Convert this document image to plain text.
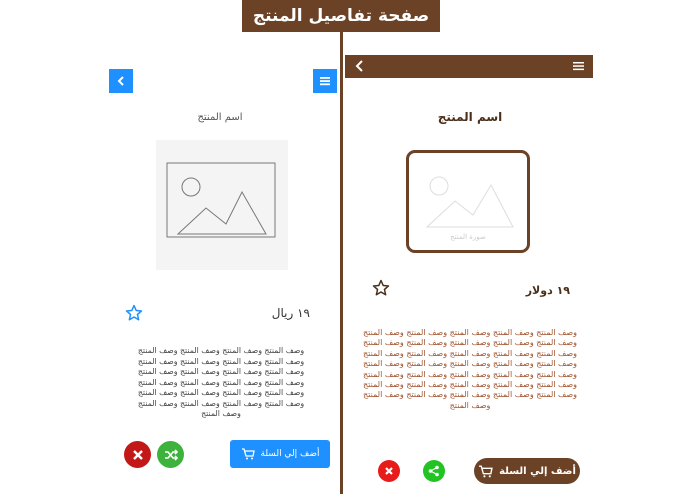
صفحة تفاصيل المنتج
اسم المنتج
١٩ ريال
وصف المنتج وصف المنتج وصف المنتج وصف المنتج وصف المنتج وصف المنتج وصف المنتج وصف المنتج وصف المنتج وصف المنتج وصف المنتج وصف المنتج وصف المنتج وصف المنتج وصف المنتج وصف المنتج وصف المنتج وصف المنتج وصف المنتج وصف المنتج وصف المنتج وصف المنتج وصف المنتج وصف المنتج وصف المنتج
أضف إلي السلة
اسم المنتج
صورة المنتج
١٩ دولار
وصف المنتج وصف المنتج وصف المنتج وصف المنتج وصف المنتج وصف المنتج وصف المنتج وصف المنتج وصف المنتج وصف المنتج وصف المنتج وصف المنتج وصف المنتج وصف المنتج وصف المنتج وصف المنتج وصف المنتج وصف المنتج وصف المنتج وصف المنتج وصف المنتج وصف المنتج وصف المنتج وصف المنتج وصف المنتج وصف المنتج وصف المنتج وصف المنتج وصف المنتج وصف المنتج وصف المنتج وصف المنتج وصف المنتج وصف المنتج وصف المنتج وصف المنتج
أضف إلي السلة
